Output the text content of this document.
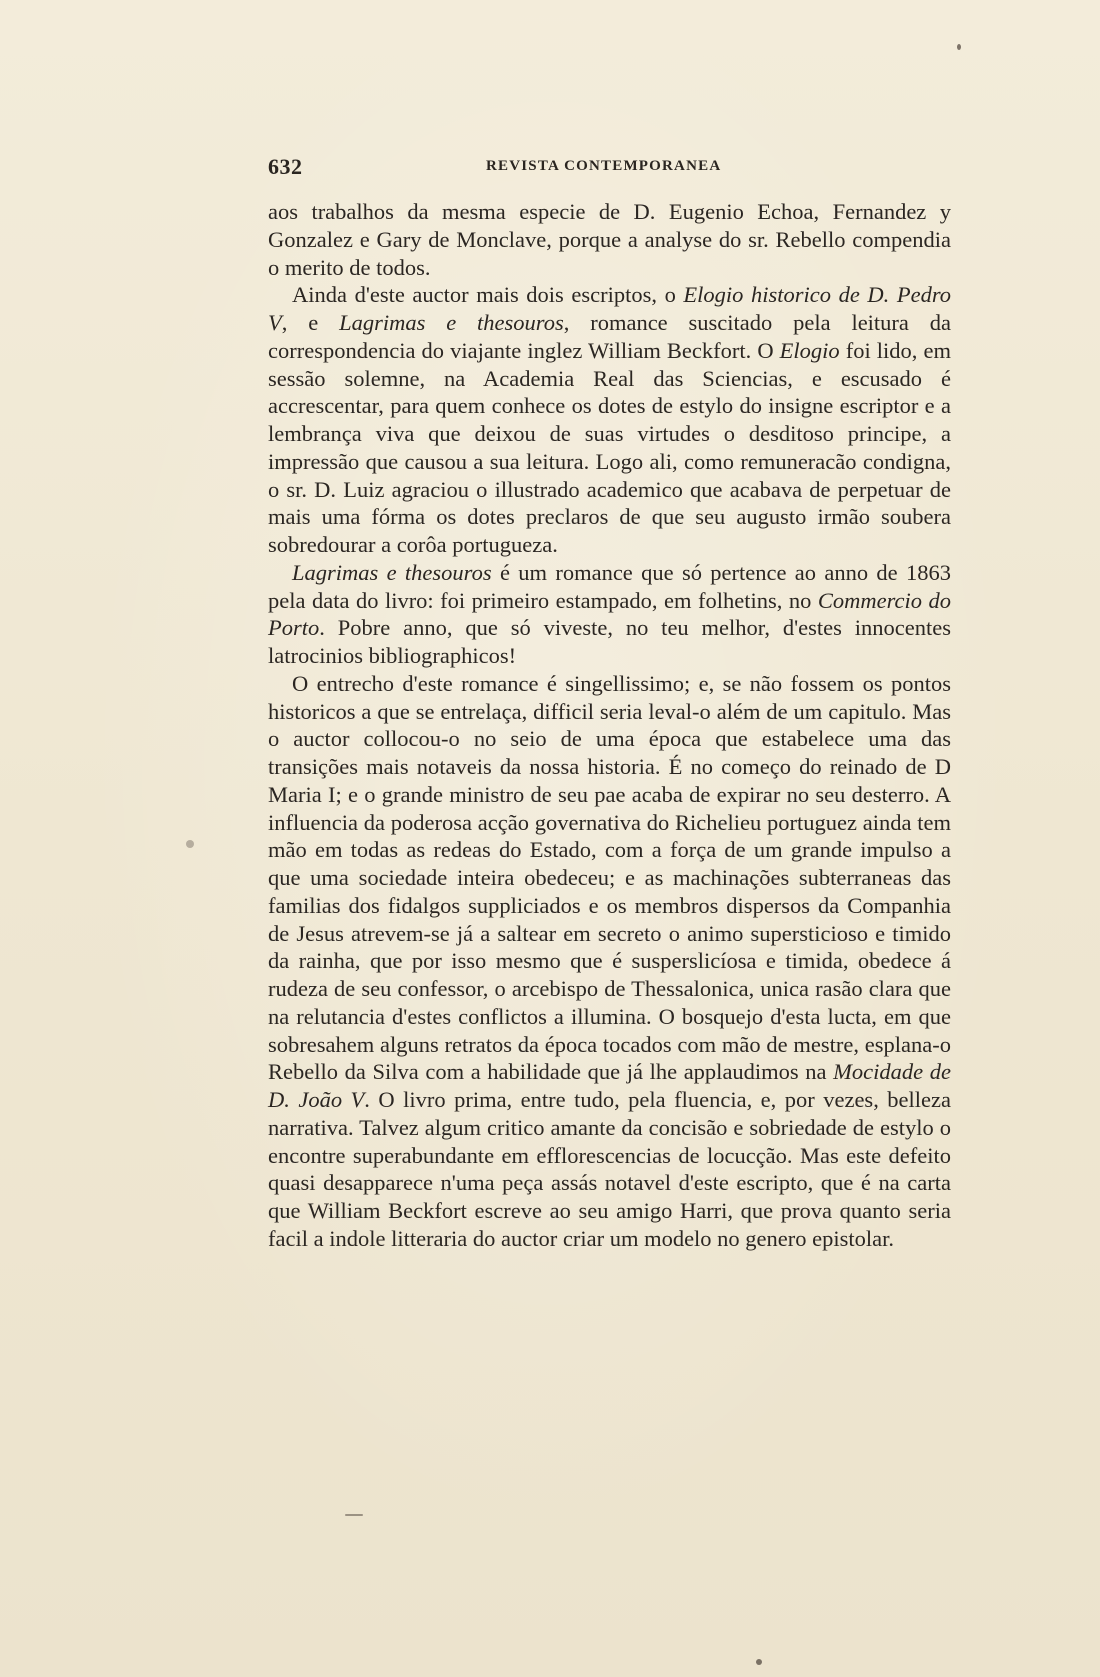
632	REVISTA CONTEMPORANEA

aos trabalhos da mesma especie de D. Eugenio Echoa, Fernandez y Gonzalez e Gary de Monclave, porque a analyse do sr. Rebello compendia o merito de todos.

Ainda d'este auctor mais dois escriptos, o Elogio historico de D. Pedro V, e Lagrimas e thesouros, romance suscitado pela leitura da correspondencia do viajante inglez William Beckfort. O Elogio foi lido, em sessão solemne, na Academia Real das Sciencias, e escusado é accrescentar, para quem conhece os dotes de estylo do insigne escriptor e a lembrança viva que deixou de suas virtudes o desditoso principe, a impressão que causou a sua leitura. Logo ali, como remuneracão condigna, o sr. D. Luiz agraciou o illustrado academico que acabava de perpetuar de mais uma fórma os dotes preclaros de que seu augusto irmão soubera sobredourar a corôa portugueza.

Lagrimas e thesouros é um romance que só pertence ao anno de 1863 pela data do livro: foi primeiro estampado, em folhetins, no Commercio do Porto. Pobre anno, que só viveste, no teu melhor, d'estes innocentes latrocinios bibliographicos!

O entrecho d'este romance é singellissimo; e, se não fossem os pontos historicos a que se entrelaça, difficil seria leval-o além de um capitulo. Mas o auctor collocou-o no seio de uma época que estabelece uma das transições mais notaveis da nossa historia. É no começo do reinado de D Maria I; e o grande ministro de seu pae acaba de expirar no seu desterro. A influencia da poderosa acção governativa do Richelieu portuguez ainda tem mão em todas as redeas do Estado, com a força de um grande impulso a que uma sociedade inteira obedeceu; e as machinações subterraneas das familias dos fidalgos suppliciados e os membros dispersos da Companhia de Jesus atrevem-se já a saltear em secreto o animo supersticioso e timido da rainha, que por isso mesmo que é susperslicíosa e timida, obedece á rudeza de seu confessor, o arcebispo de Thessalonica, unica rasão clara que na relutancia d'estes conflictos a illumina. O bosquejo d'esta lucta, em que sobresahem alguns retratos da época tocados com mão de mestre, esplana-o Rebello da Silva com a habilidade que já lhe applaudimos na Mocidade de D. João V. O livro prima, entre tudo, pela fluencia, e, por vezes, belleza narrativa. Talvez algum critico amante da concisão e sobriedade de estylo o encontre superabundante em efflorescencias de locucção. Mas este defeito quasi desapparece n'uma peça assás notavel d'este escripto, que é na carta que William Beckfort escreve ao seu amigo Harri, que prova quanto seria facil a indole litteraria do auctor criar um modelo no genero epistolar.
